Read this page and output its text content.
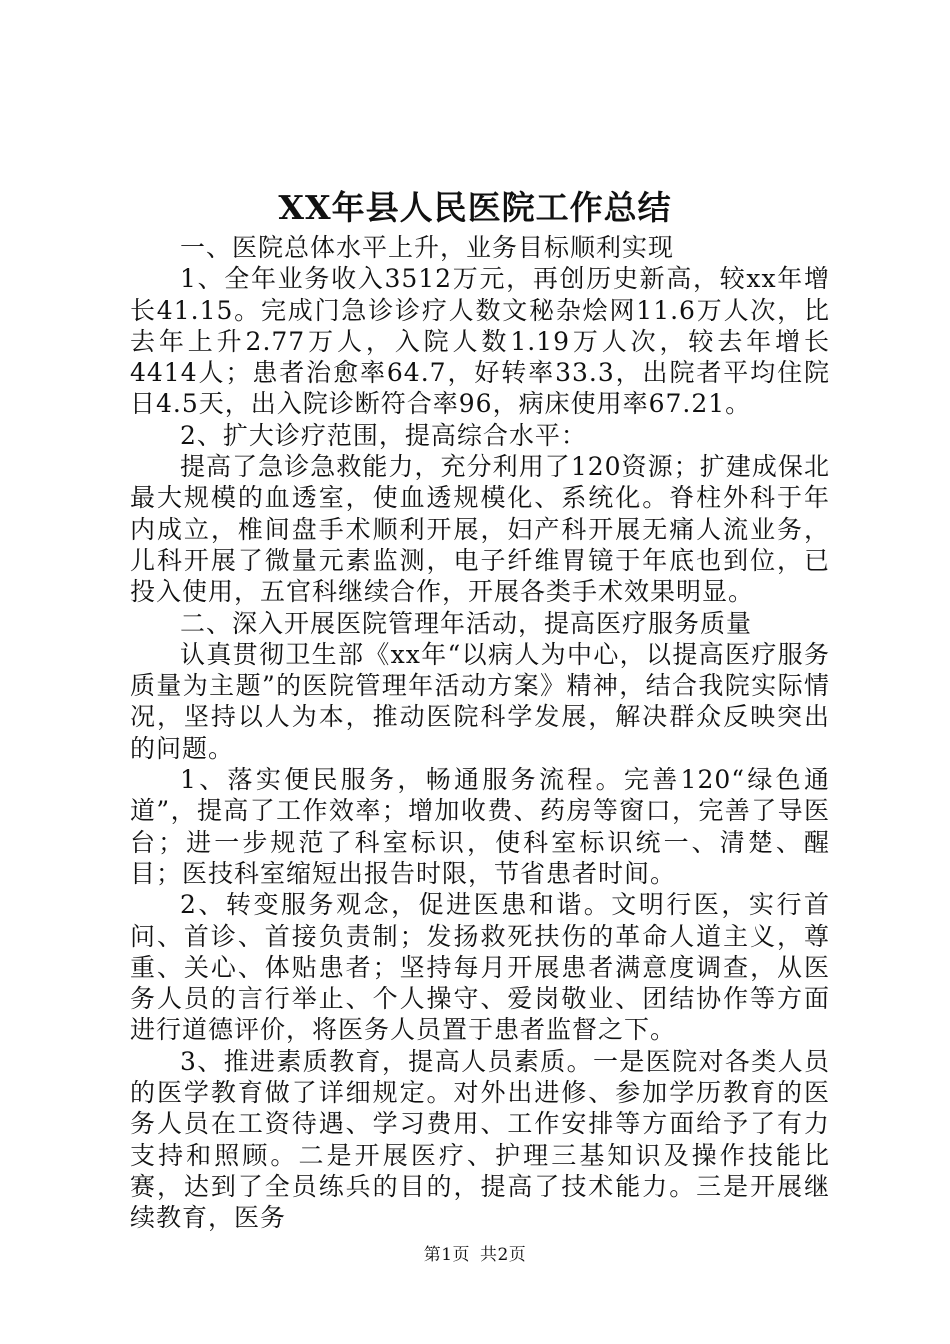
XX年县人民医院工作总结

一、医院总体水平上升，业务目标顺利实现

1、全年业务收入3512万元，再创历史新高，较xx年增长41.15。完成门急诊诊疗人数文秘杂烩网11.6万人次，比去年上升2.77万人，入院人数1.19万人次，较去年增长4414人；患者治愈率64.7，好转率33.3，出院者平均住院日4.5天，出入院诊断符合率96，病床使用率67.21。

2、扩大诊疗范围，提高综合水平：

提高了急诊急救能力，充分利用了120资源；扩建成保北最大规模的血透室，使血透规模化、系统化。脊柱外科于年内成立，椎间盘手术顺利开展，妇产科开展无痛人流业务，儿科开展了微量元素监测，电子纤维胃镜于年底也到位，已投入使用，五官科继续合作，开展各类手术效果明显。

二、深入开展医院管理年活动，提高医疗服务质量

认真贯彻卫生部《xx年“以病人为中心，以提高医疗服务质量为主题”的医院管理年活动方案》精神，结合我院实际情况，坚持以人为本，推动医院科学发展，解决群众反映突出的问题。

1、落实便民服务，畅通服务流程。完善120“绿色通道”，提高了工作效率；增加收费、药房等窗口，完善了导医台；进一步规范了科室标识，使科室标识统一、清楚、醒目；医技科室缩短出报告时限，节省患者时间。

2、转变服务观念，促进医患和谐。文明行医，实行首问、首诊、首接负责制；发扬救死扶伤的革命人道主义，尊重、关心、体贴患者；坚持每月开展患者满意度调查，从医务人员的言行举止、个人操守、爱岗敬业、团结协作等方面进行道德评价，将医务人员置于患者监督之下。

3、推进素质教育，提高人员素质。一是医院对各类人员的医学教育做了详细规定。对外出进修、参加学历教育的医务人员在工资待遇、学习费用、工作安排等方面给予了有力支持和照顾。二是开展医疗、护理三基知识及操作技能比赛，达到了全员练兵的目的，提高了技术能力。三是开展继续教育，医务

第1页 共2页
